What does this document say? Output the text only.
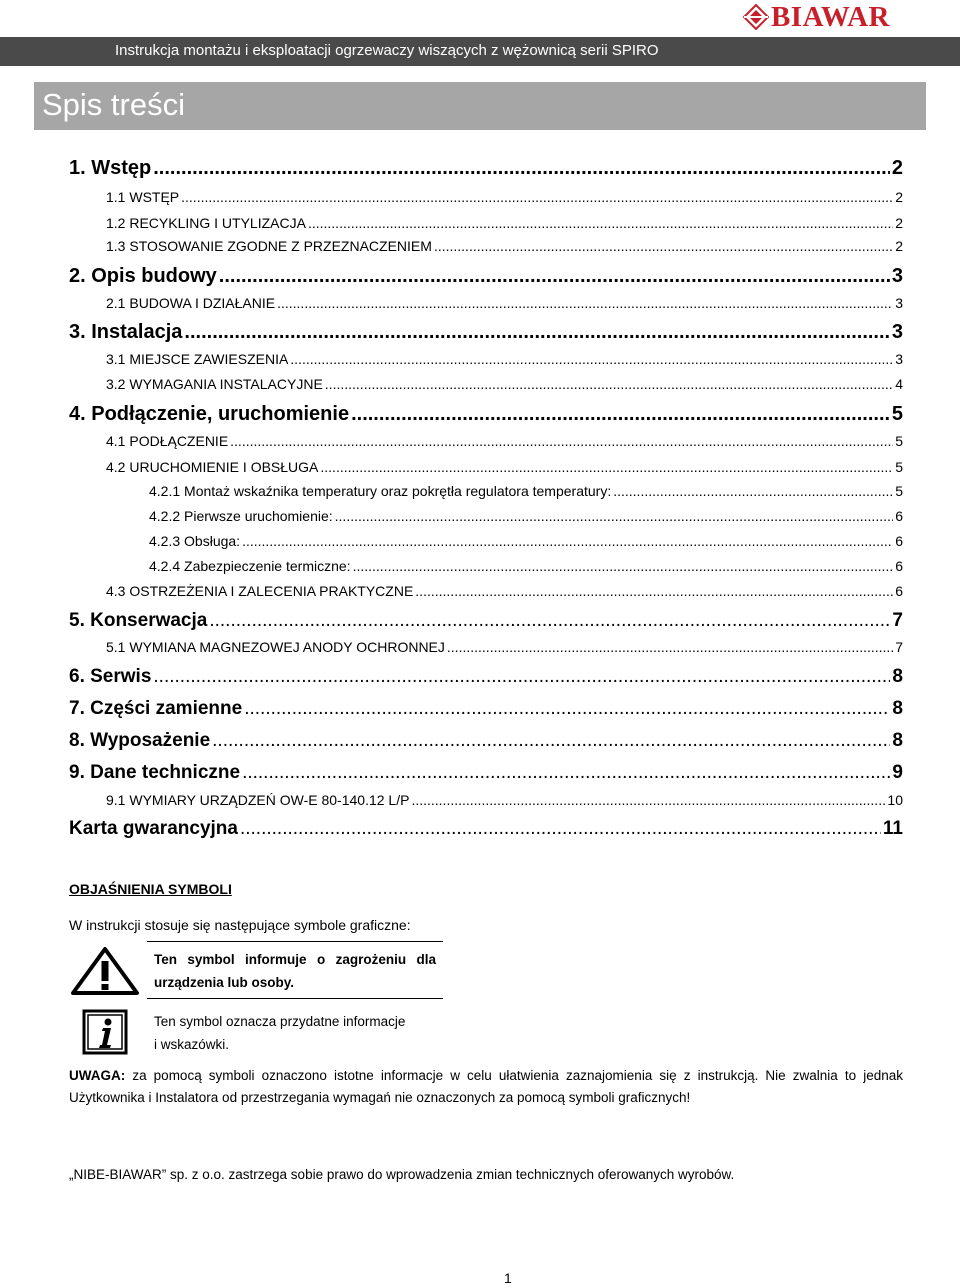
BIAWAR
Instrukcja montażu i eksploatacji ogrzewaczy wiszących z wężownicą serii SPIRO
Spis treści
1. Wstęp .....	2
1.1 WSTĘP .....	2
1.2 RECYKLING I UTYLIZACJA .....	2
1.3 STOSOWANIE ZGODNE Z PRZEZNACZENIEM .....	2
2. Opis budowy .....	3
2.1 BUDOWA I DZIAŁANIE .....	3
3. Instalacja .....	3
3.1 MIEJSCE ZAWIESZENIA .....	3
3.2 WYMAGANIA INSTALACYJNE .....	4
4. Podłączenie, uruchomienie .....	5
4.1 PODŁĄCZENIE .....	5
4.2 URUCHOMIENIE I OBSŁUGA .....	5
4.2.1 Montaż wskaźnika temperatury oraz pokrętła regulatora temperatury: .....	5
4.2.2 Pierwsze uruchomienie: .....	6
4.2.3 Obsługa: .....	6
4.2.4 Zabezpieczenie termiczne: .....	6
4.3 OSTRZEŻENIA I ZALECENIA PRAKTYCZNE .....	6
5. Konserwacja .....	7
5.1 WYMIANA MAGNEZOWEJ ANODY OCHRONNEJ .....	7
6. Serwis .....	8
7. Części zamienne .....	8
8. Wyposażenie .....	8
9. Dane techniczne .....	9
9.1 WYMIARY URZĄDZEŃ OW-E 80-140.12 L/P .....	10
Karta gwarancyjna .....	11
OBJAŚNIENIA SYMBOLI
W instrukcji stosuje się następujące symbole graficzne:
Ten symbol informuje o zagrożeniu dla urządzenia lub osoby.
Ten symbol oznacza przydatne informacje
i wskazówki.
UWAGA: za pomocą symboli oznaczono istotne informacje w celu ułatwienia zaznajomienia się z instrukcją. Nie zwalnia to jednak Użytkownika i Instalatora od przestrzegania wymagań nie oznaczonych za pomocą symboli graficznych!
„NIBE-BIAWAR” sp. z o.o. zastrzega sobie prawo do wprowadzenia zmian technicznych oferowanych wyrobów.
1
